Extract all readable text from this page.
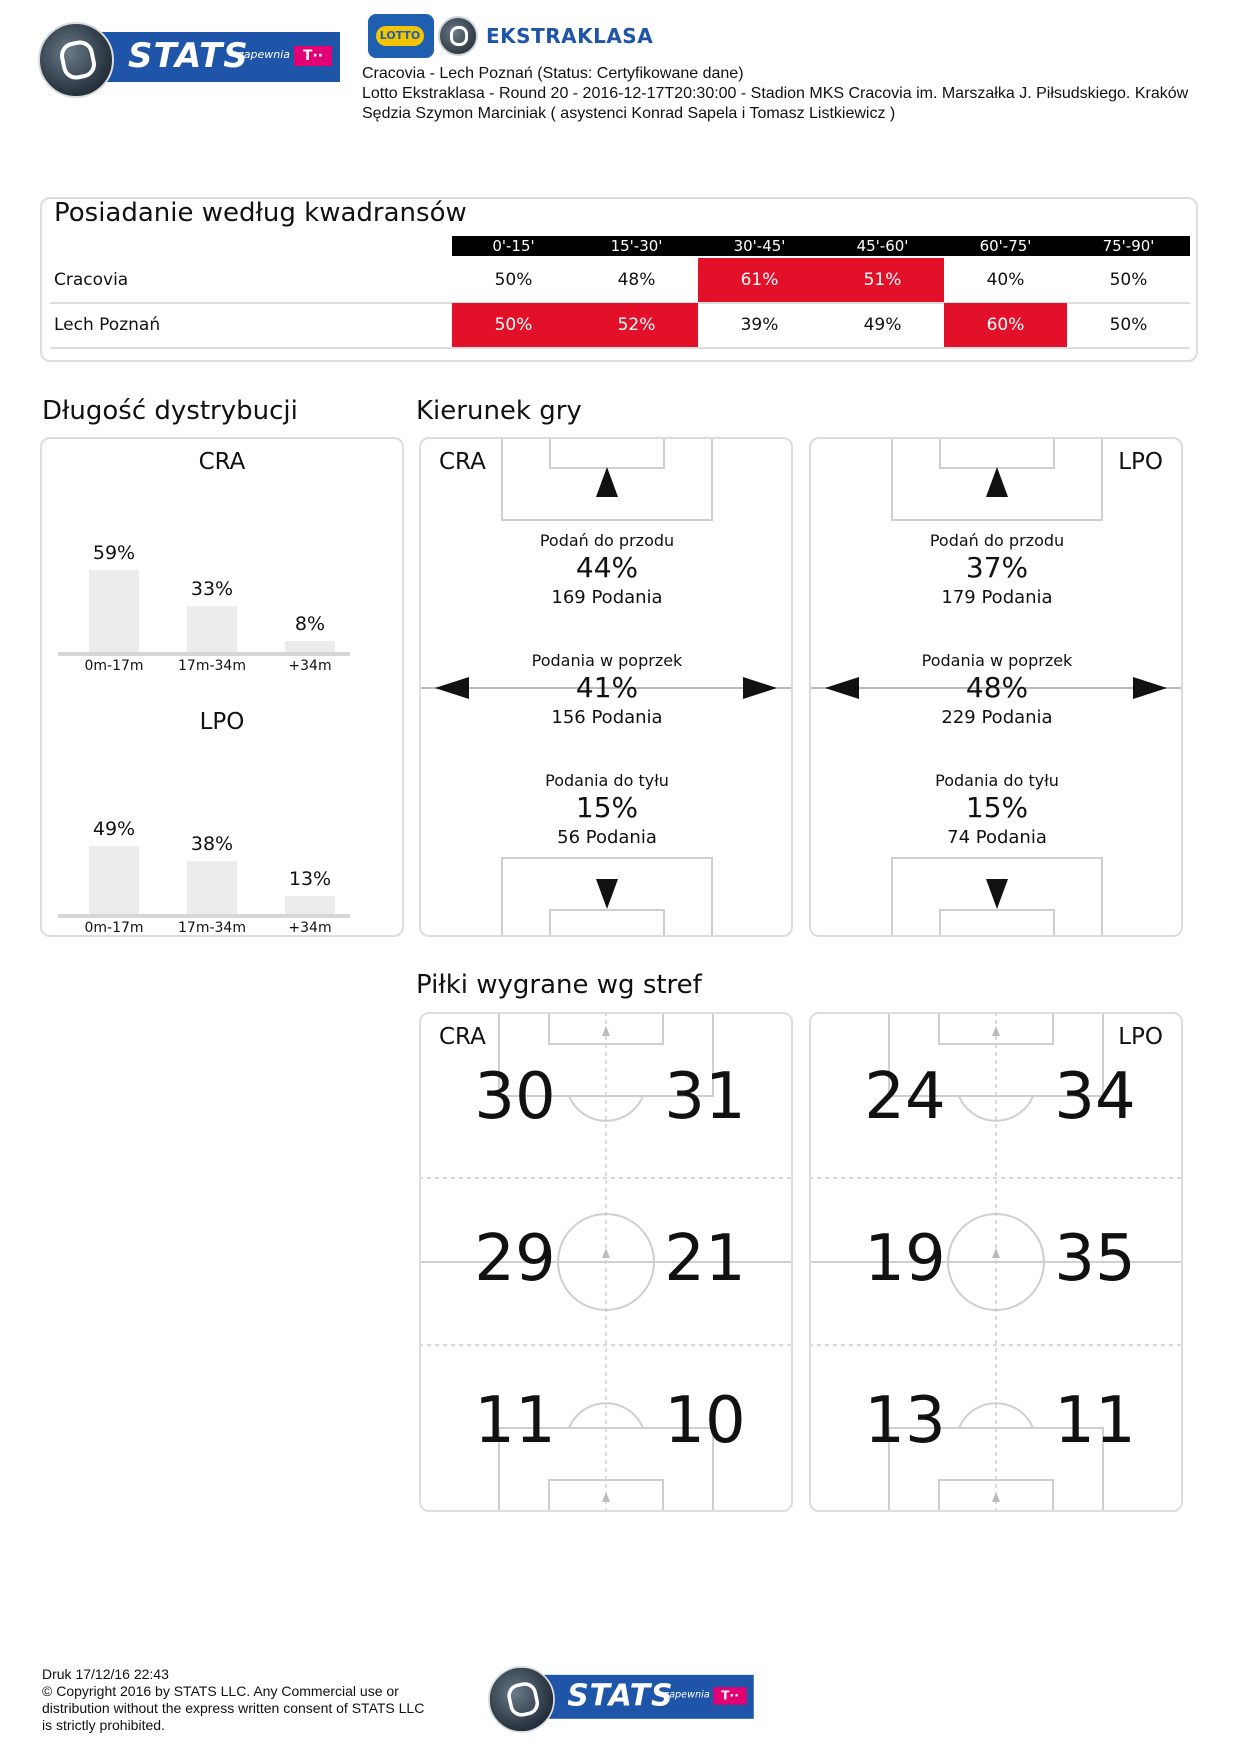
STATS
zapewnia T··
LOTTO	EKSTRAKLASA
Cracovia - Lech Poznań (Status: Certyfikowane dane)
Lotto Ekstraklasa - Round 20 - 2016-12-17T20:30:00 - Stadion MKS Cracovia im. Marszałka J. Piłsudskiego. Kraków
Sędzia Szymon Marciniak ( asystenci Konrad Sapela i Tomasz Listkiewicz )
Posiadanie według kwadransów
0'-15'	15'-30'	30'-45'	45'-60'	60'-75'	75'-90'
Cracovia	50%	48%	61%	51%	40%	50%
Lech Poznań	50%	52%	39%	49%	60%	50%
Długość dystrybucji
CRA
LPO
59%
0m-17m
33%
17m-34m
8%
+34m
49%
0m-17m
38%
17m-34m
13%
+34m
Kierunek gry
CRA
Podań do przodu
44%
169 Podania
Podania w poprzek
41%
156 Podania
Podania do tyłu
15%
56 Podania
LPO
Podań do przodu
37%
179 Podania
Podania w poprzek
48%
229 Podania
Podania do tyłu
15%
74 Podania
Piłki wygrane wg stref
CRA
30	31
29	21
11	10
LPO
24	34
19	35
13	11
Druk 17/12/16 22:43
© Copyright 2016 by STATS LLC. Any Commercial use or
distribution without the express written consent of STATS LLC
is strictly prohibited.
STATS
zapewnia T··
